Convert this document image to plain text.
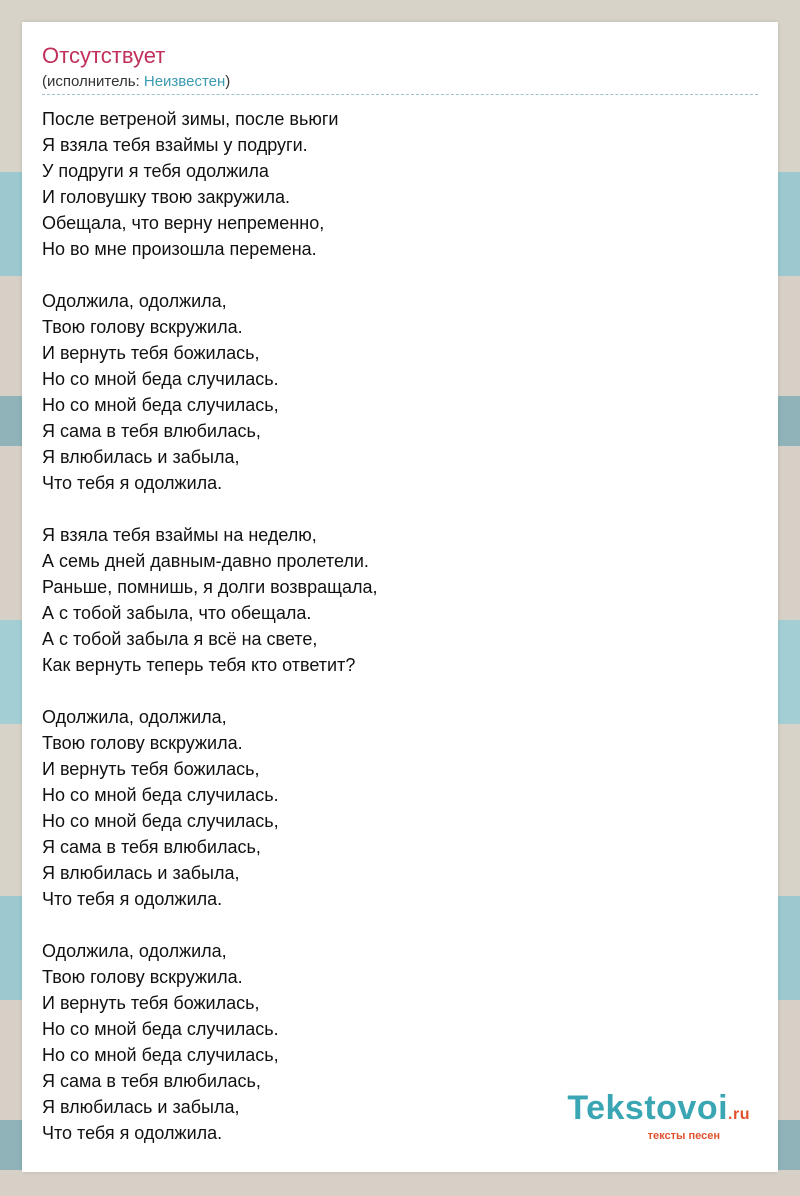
Отсутствует
(исполнитель: Неизвестен)
После ветреной зимы, после вьюги
Я взяла тебя взаймы у подруги.
У подруги я тебя одолжила
И головушку твою закружила.
Обещала, что верну непременно,
Но во мне произошла перемена.
Одолжила, одолжила,
Твою голову вскружила.
И вернуть тебя божилась,
Но со мной беда случилась.
Но со мной беда случилась,
Я сама в тебя влюбилась,
Я влюбилась и забыла,
Что тебя я одолжила.
Я взяла тебя взаймы на неделю,
А семь дней давным-давно пролетели.
Раньше, помнишь, я долги возвращала,
А с тобой забыла, что обещала.
А с тобой забыла я всё на свете,
Как вернуть теперь тебя кто ответит?
Одолжила, одолжила,
Твою голову вскружила.
И вернуть тебя божилась,
Но со мной беда случилась.
Но со мной беда случилась,
Я сама в тебя влюбилась,
Я влюбилась и забыла,
Что тебя я одолжила.
Одолжила, одолжила,
Твою голову вскружила.
И вернуть тебя божилась,
Но со мной беда случилась.
Но со мной беда случилась,
Я сама в тебя влюбилась,
Я влюбилась и забыла,
Что тебя я одолжила.
Tekstovoi.ru
тексты песен
